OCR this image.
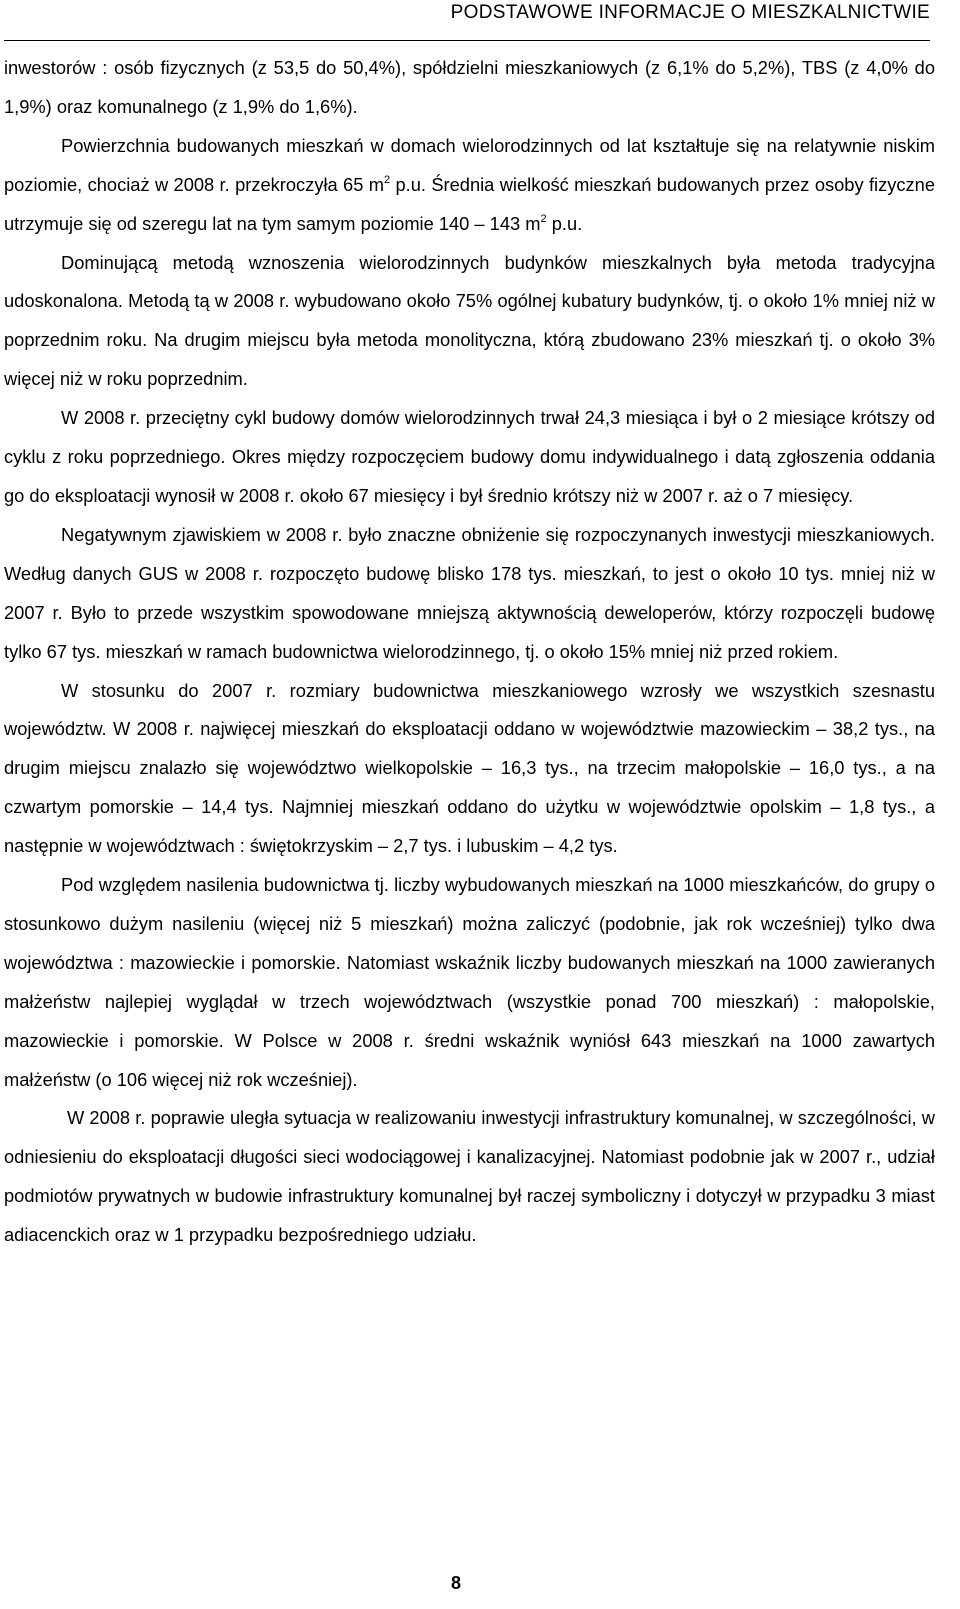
PODSTAWOWE INFORMACJE O MIESZKALNICTWIE

inwestorów : osób fizycznych (z 53,5 do 50,4%), spółdzielni mieszkaniowych (z 6,1% do 5,2%), TBS (z 4,0% do 1,9%) oraz komunalnego (z 1,9% do 1,6%).

Powierzchnia budowanych mieszkań w domach wielorodzinnych od lat kształtuje się na relatywnie niskim poziomie, chociaż w 2008 r. przekroczyła 65 $m^2$ p.u. Średnia wielkość mieszkań budowanych przez osoby fizyczne utrzymuje się od szeregu lat na tym samym poziomie 140 – 143 $m^2$ p.u.

Dominującą metodą wznoszenia wielorodzinnych budynków mieszkalnych była metoda tradycyjna udoskonalona. Metodą tą w 2008 r. wybudowano około 75% ogólnej kubatury budynków, tj. o około 1% mniej niż w poprzednim roku. Na drugim miejscu była metoda monolityczna, którą zbudowano 23% mieszkań tj. o około 3% więcej niż w roku poprzednim.

W 2008 r. przeciętny cykl budowy domów wielorodzinnych trwał 24,3 miesiąca i był o 2 miesiące krótszy od cyklu z roku poprzedniego. Okres między rozpoczęciem budowy domu indywidualnego i datą zgłoszenia oddania go do eksploatacji wynosił w 2008 r. około 67 miesięcy i był średnio krótszy niż w 2007 r. aż o 7 miesięcy.

Negatywnym zjawiskiem w 2008 r. było znaczne obniżenie się rozpoczynanych inwestycji mieszkaniowych. Według danych GUS w 2008 r. rozpoczęto budowę blisko 178 tys. mieszkań, to jest o około 10 tys. mniej niż w 2007 r. Było to przede wszystkim spowodowane mniejszą aktywnością deweloperów, którzy rozpoczęli budowę tylko 67 tys. mieszkań w ramach budownictwa wielorodzinnego, tj. o około 15% mniej niż przed rokiem.

W stosunku do 2007 r. rozmiary budownictwa mieszkaniowego wzrosły we wszystkich szesnastu województw. W 2008 r. najwięcej mieszkań do eksploatacji oddano w województwie mazowieckim – 38,2 tys., na drugim miejscu znalazło się województwo wielkopolskie – 16,3 tys., na trzecim małopolskie – 16,0 tys., a na czwartym pomorskie – 14,4 tys. Najmniej mieszkań oddano do użytku w województwie opolskim – 1,8 tys., a następnie w województwach : świętokrzyskim – 2,7 tys. i lubuskim – 4,2 tys.

Pod względem nasilenia budownictwa tj. liczby wybudowanych mieszkań na 1000 mieszkańców, do grupy o stosunkowo dużym nasileniu (więcej niż 5 mieszkań) można zaliczyć (podobnie, jak rok wcześniej) tylko dwa województwa : mazowieckie i pomorskie. Natomiast wskaźnik liczby budowanych mieszkań na 1000 zawieranych małżeństw najlepiej wyglądał w trzech województwach (wszystkie ponad 700 mieszkań) : małopolskie, mazowieckie i pomorskie. W Polsce w 2008 r. średni wskaźnik wyniósł 643 mieszkań na 1000 zawartych małżeństw (o 106 więcej niż rok wcześniej).

W 2008 r. poprawie uległa sytuacja w realizowaniu inwestycji infrastruktury komunalnej, w szczególności, w odniesieniu do eksploatacji długości sieci wodociągowej i kanalizacyjnej. Natomiast podobnie jak w 2007 r., udział podmiotów prywatnych w budowie infrastruktury komunalnej był raczej symboliczny i dotyczył w przypadku 3 miast adiacenckich oraz w 1 przypadku bezpośredniego udziału.

8
